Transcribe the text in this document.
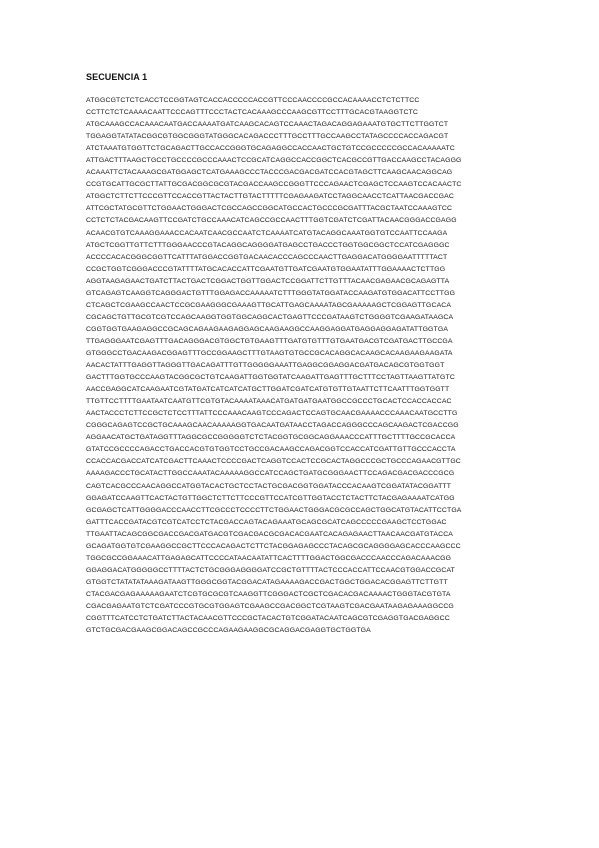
SECUENCIA 1
ATGGCGTCTCTCACCTCCGGTAGTCACCACCCCCACCGTTCCCAACCCCGCCACAAAACCTCTCTTCC
CCTTCTCTCAAAACAATTCCCAGTTTCCCTACTCACAAAGCCCAAGCGTTCCTTTGCACGTAAGGTCTC
ATGCAAAGCCACAAACAATGACCAAAATGATCAAGCACAGTCCAAACTAGACAGGAGAAATGTGCTTCTTGGTCT
TGGAGGTATATACGGCGTGGCGGGTATGGGCACAGACCCTTTGCCTTTGCCAAGCCTATAGCCCCACCAGACGT
ATCTAAATGTGGTTCTGCAGACTTGCCACCGGGTGCAGAGGCCACCAACTGCTGTCCGCCCCCGCCACAAAAATC
ATTGACTTTAAGCTGCCTGCCCCGCCCAAACTCCGCATCAGGCCACCGGCTCACGCCGTTGACCAAGCCTACAGGG
ACAAATTCTACAAAGCGATGGAGCTCATGAAAGCCCTACCCGACGACGATCCACGTAGCTTCAAGCAACAGGCAG
CCGTGCATTGCGCTTATTGCGACGGCGCGTACGACCAAGCCGGGTTCCCAGAACTCGAGCTCCAAGTCCACAACTC
ATGGCTCTTCTTCCCGTTCCACCGTTACTACTTGTACTTTTTCGAGAAGATCCTAGGCAACCTCATTAACGACCGAC
ATTCGCTATGCGTTCTGGAACTGGGACTCGCCAGCCGGCATGCCACTGCCCGCGATTTACGCTAATCCAAAGTCC
CCTCTCTACGACAAGTTCCGATCTGCCAAACATCAGCCGCCAACTTTGGTCGATCTCGATTACAACGGGACCGAGG
ACAACGTGTCAAAGGAAACCACAATCAACGCCAATCTCAAAATCATGTACAGGCAAATGGTGTCCAATTCCAAGA
ATGCTCGGTTGTTCTTTGGGAACCCGTACAGGCAGGGGATGAGCCTGACCCTGGTGGCGGCTCCATCGAGGGC
ACCCCACACGGGCGGTTCATTTATGGACCGGTGACAACACCCAGCCCAACTTGAGGACATGGGGAATTTTTACT
CCGCTGGTCGGGACCCGTATTTTATGCACACCATTCGAATGTTGATCGAATGTGGAATATTTGGAAAACTCTTGG
AGGTAAGAGAACTGATCTTACTGACTCGGACTGGTTGGACTCCGGATTCTTGTTTACAACGAGAACGCAGAGTTA
GTCAGAGTCAAGGTCAGGGACTGTTTGGAGACCAAAAATCTTTGGGTATGGATACCAAGATGTGGACATTCCTTGG
CTCAGCTCGAAGCCAACTCCGCGAAGGGCGAAAGTTGCATTGAGCAAAATAGCGAAAAAGCTCGGAGTTGCACA
CGCAGCTGTTGCGTCGTCCAGCAAGGTGGTGGCAGGCACTGAGTTCCCGATAAGTCTGGGGTCGAAGATAAGCA
CGGTGGTGAAGAGGCCGCAGCAGAAGAAGAGGAGCAAGAAGGCCAAGGAGGATGAGGAGGAGATATTGGTGA
TTGAGGGAATCGAGTTTGACAGGGACGTGGCTGTGAAGTTTGATGTGTTTGTGAATGACGTCGATGACTTGCCGA
GTGGGCCTGACAAGACGGAGTTTGCCGGAAGCTTTGTAAGTGTGCCGCACAGGCACAAGCACAAGAAGAAGATA
AACACTATTTGAGGTTAGGGTTGACAGATTTGTTGGGGGAAATTGAGGCGGAGGACGATGACAGCGTGGTGGT
GACTTTGGTGCCCAAGTACGGCGCTGTCAAGATTGGTGGTATCAAGATTGAGTTTGCTTTCCTAGTTAAGTTATGTC
AACCGAGGCATCAAGAATCGTATGATCATCATCATGCTTGGATCGATCATGTGTTGTAATTCTTCAATTTGGTGGTT
TTGTTCCTTTTGAATAATCAATGTTCGTGTACAAAATAAACATGATGATGAATGGCCGCCCTGCACTCCACCACCAC
AACTACCCTCTTCCGCTCTCCTTTATTCCCAAACAAGTCCCAGACTCCAGTGCAACGAAAACCCAAACAATGCCTTG
CGGGCAGAGTCCGCTGCAAAGCAACAAAAAGGTGACAATGATAACCTAGACCAGGGCCCAGCAAGACTCGACCGG
AGGAACATGCTGATAGGTTTAGGCGCCGGGGGTCTCTACGGTGCGGCAGGAAACCCATTTGCTTTTGCCGCACCA
GTATCCGCCCCAGACCTGACCACGTGTGGTCCTGCCGACAAGCCAGACGGTCCACCATCGATTGTTGCCCACCTA
CCACCACGACCATCATCGACTTCAAACTCCCCGACTCAGGTCCACTCCGCACTAGGCCCGCTGCCCAGAACGTTGC
AAAAGACCCTGCATACTTGGCCAAATACAAAAAGGCCATCCAGCTGATGCGGGAACTTCCAGACGACGACCCGCG
CAGTCACGCCCAACAGGCCATGGTACACTGCTCCTACTGCGACGGTGGATACCCACAAGTCGGATATACGGATTT
GGAGATCCAAGTTCACTACTGTTGGCTCTTCTTCCCGTTCCATCGTTGGTACCTCTACTTCTACGAGAAAATCATGG
GCGAGCTCATTGGGGACCCAACCTTCGCCCTCCCCTTCTGGAACTGGGACGCGCCAGCTGGCATGTACATTCCTGA
GATTTCACCGATACGTCGTCATCCTCTACGACCAGTACAGAAATGCAGCGCATCAGCCCCCGAAGCTCCTGGAC
TTGAATTACAGCGGCGACCGACGATGACGTCGACGACGCGACACGAATCACAGAGAACTTAACAACGATGTACCA
GCAGATGGTGTCGAAGGCCGCTTCCCACAGACTCTTCTACGGAGAGCCCTACAGCGCAGGGGAGCACCCAAGCCC
TGGCGCCGGAAACATTGAGAGCATTCCCCATAACAATATTCACTTTTGGACTGGCGACCCAACCCAGACAAACGG
GGAGGACATGGGGGCCTTTTACTCTGCGGGAGGGGATCCGCTGTTTTACTCCCACCATTCCAACGTGGACCGCAT
GTGGTCTATATATAAAGATAAGTTGGGCGGTACGGACATAGAAAAGACCGACTGGCTGGACACGGAGTTCTTGTT
CTACGACGAGAAAAAGAATCTCGTGCGCGTCAAGGTTCGGGACTCGCTCGACACGACAAAACTGGGTACGTGTA
CGACGAGAATGTCTCGATCCCGTGCGTGGAGTCGAAGCCGACGGCTCGTAAGTCGACGAATAAGAGAAAGGCCG
CGGTTTCATCCTCTGATCTTACTACAACGTTCCCGCTACACTGTCGGATACAATCAGCGTCGAGGTGACGAGGCC
GTCTGCGACGAAGCGGACAGCCGCCCAGAAGAAGGCGCAGGACGAGGTGCTGGTGA
